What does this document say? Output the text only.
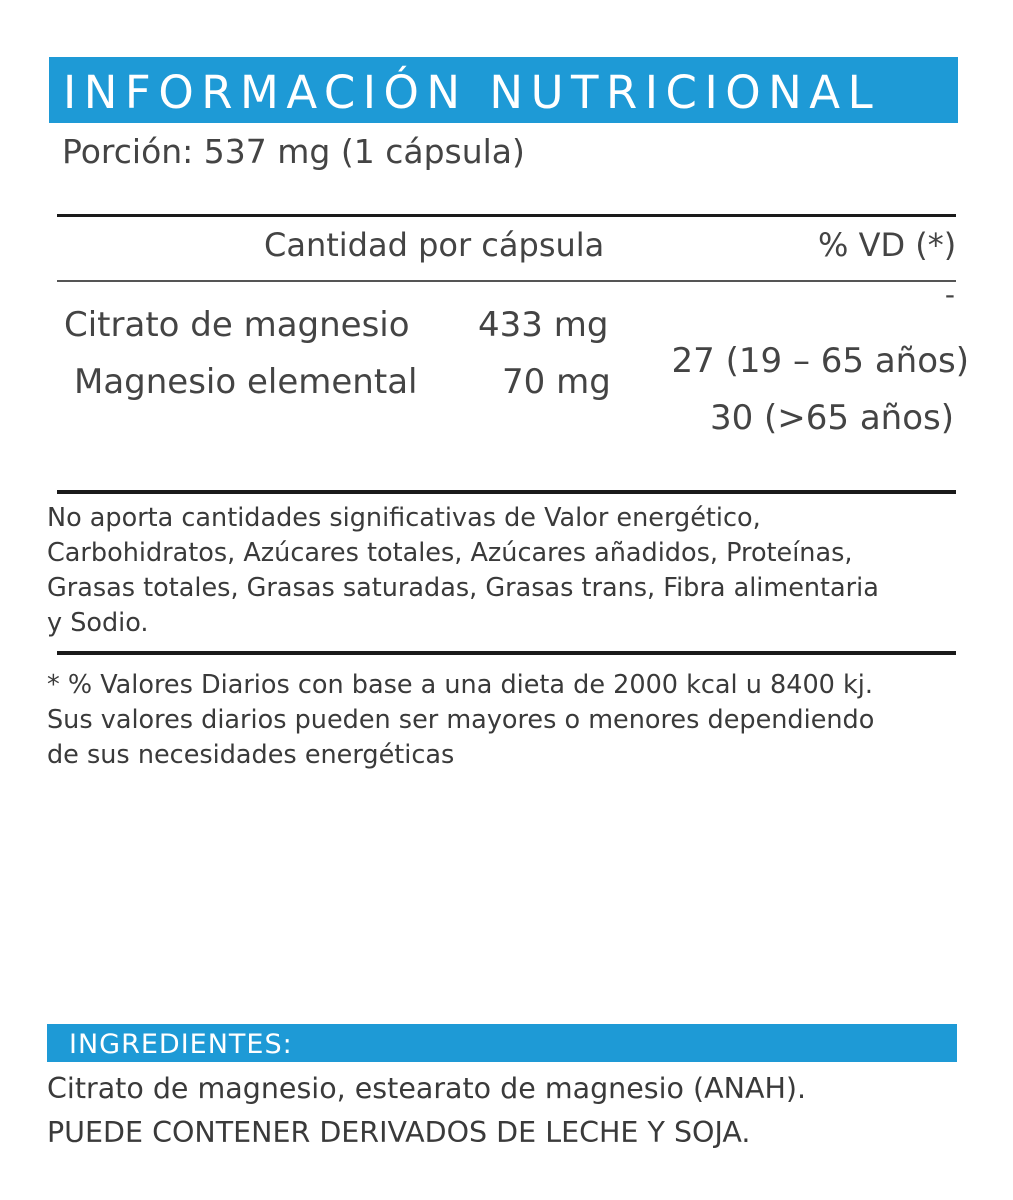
INFORMACIÓN NUTRICIONAL
Porción: 537 mg (1 cápsula)
Cantidad por cápsula	% VD (*)
Citrato de magnesio 433 mg
Magnesio elemental 70 mg
-
27 (19 – 65 años)
30 (>65 años)
No aporta cantidades significativas de Valor energético,
Carbohidratos, Azúcares totales, Azúcares añadidos, Proteínas,
Grasas totales, Grasas saturadas, Grasas trans, Fibra alimentaria
y Sodio.
* % Valores Diarios con base a una dieta de 2000 kcal u 8400 kj.
Sus valores diarios pueden ser mayores o menores dependiendo
de sus necesidades energéticas
INGREDIENTES:
Citrato de magnesio, estearato de magnesio (ANAH).
PUEDE CONTENER DERIVADOS DE LECHE Y SOJA.
